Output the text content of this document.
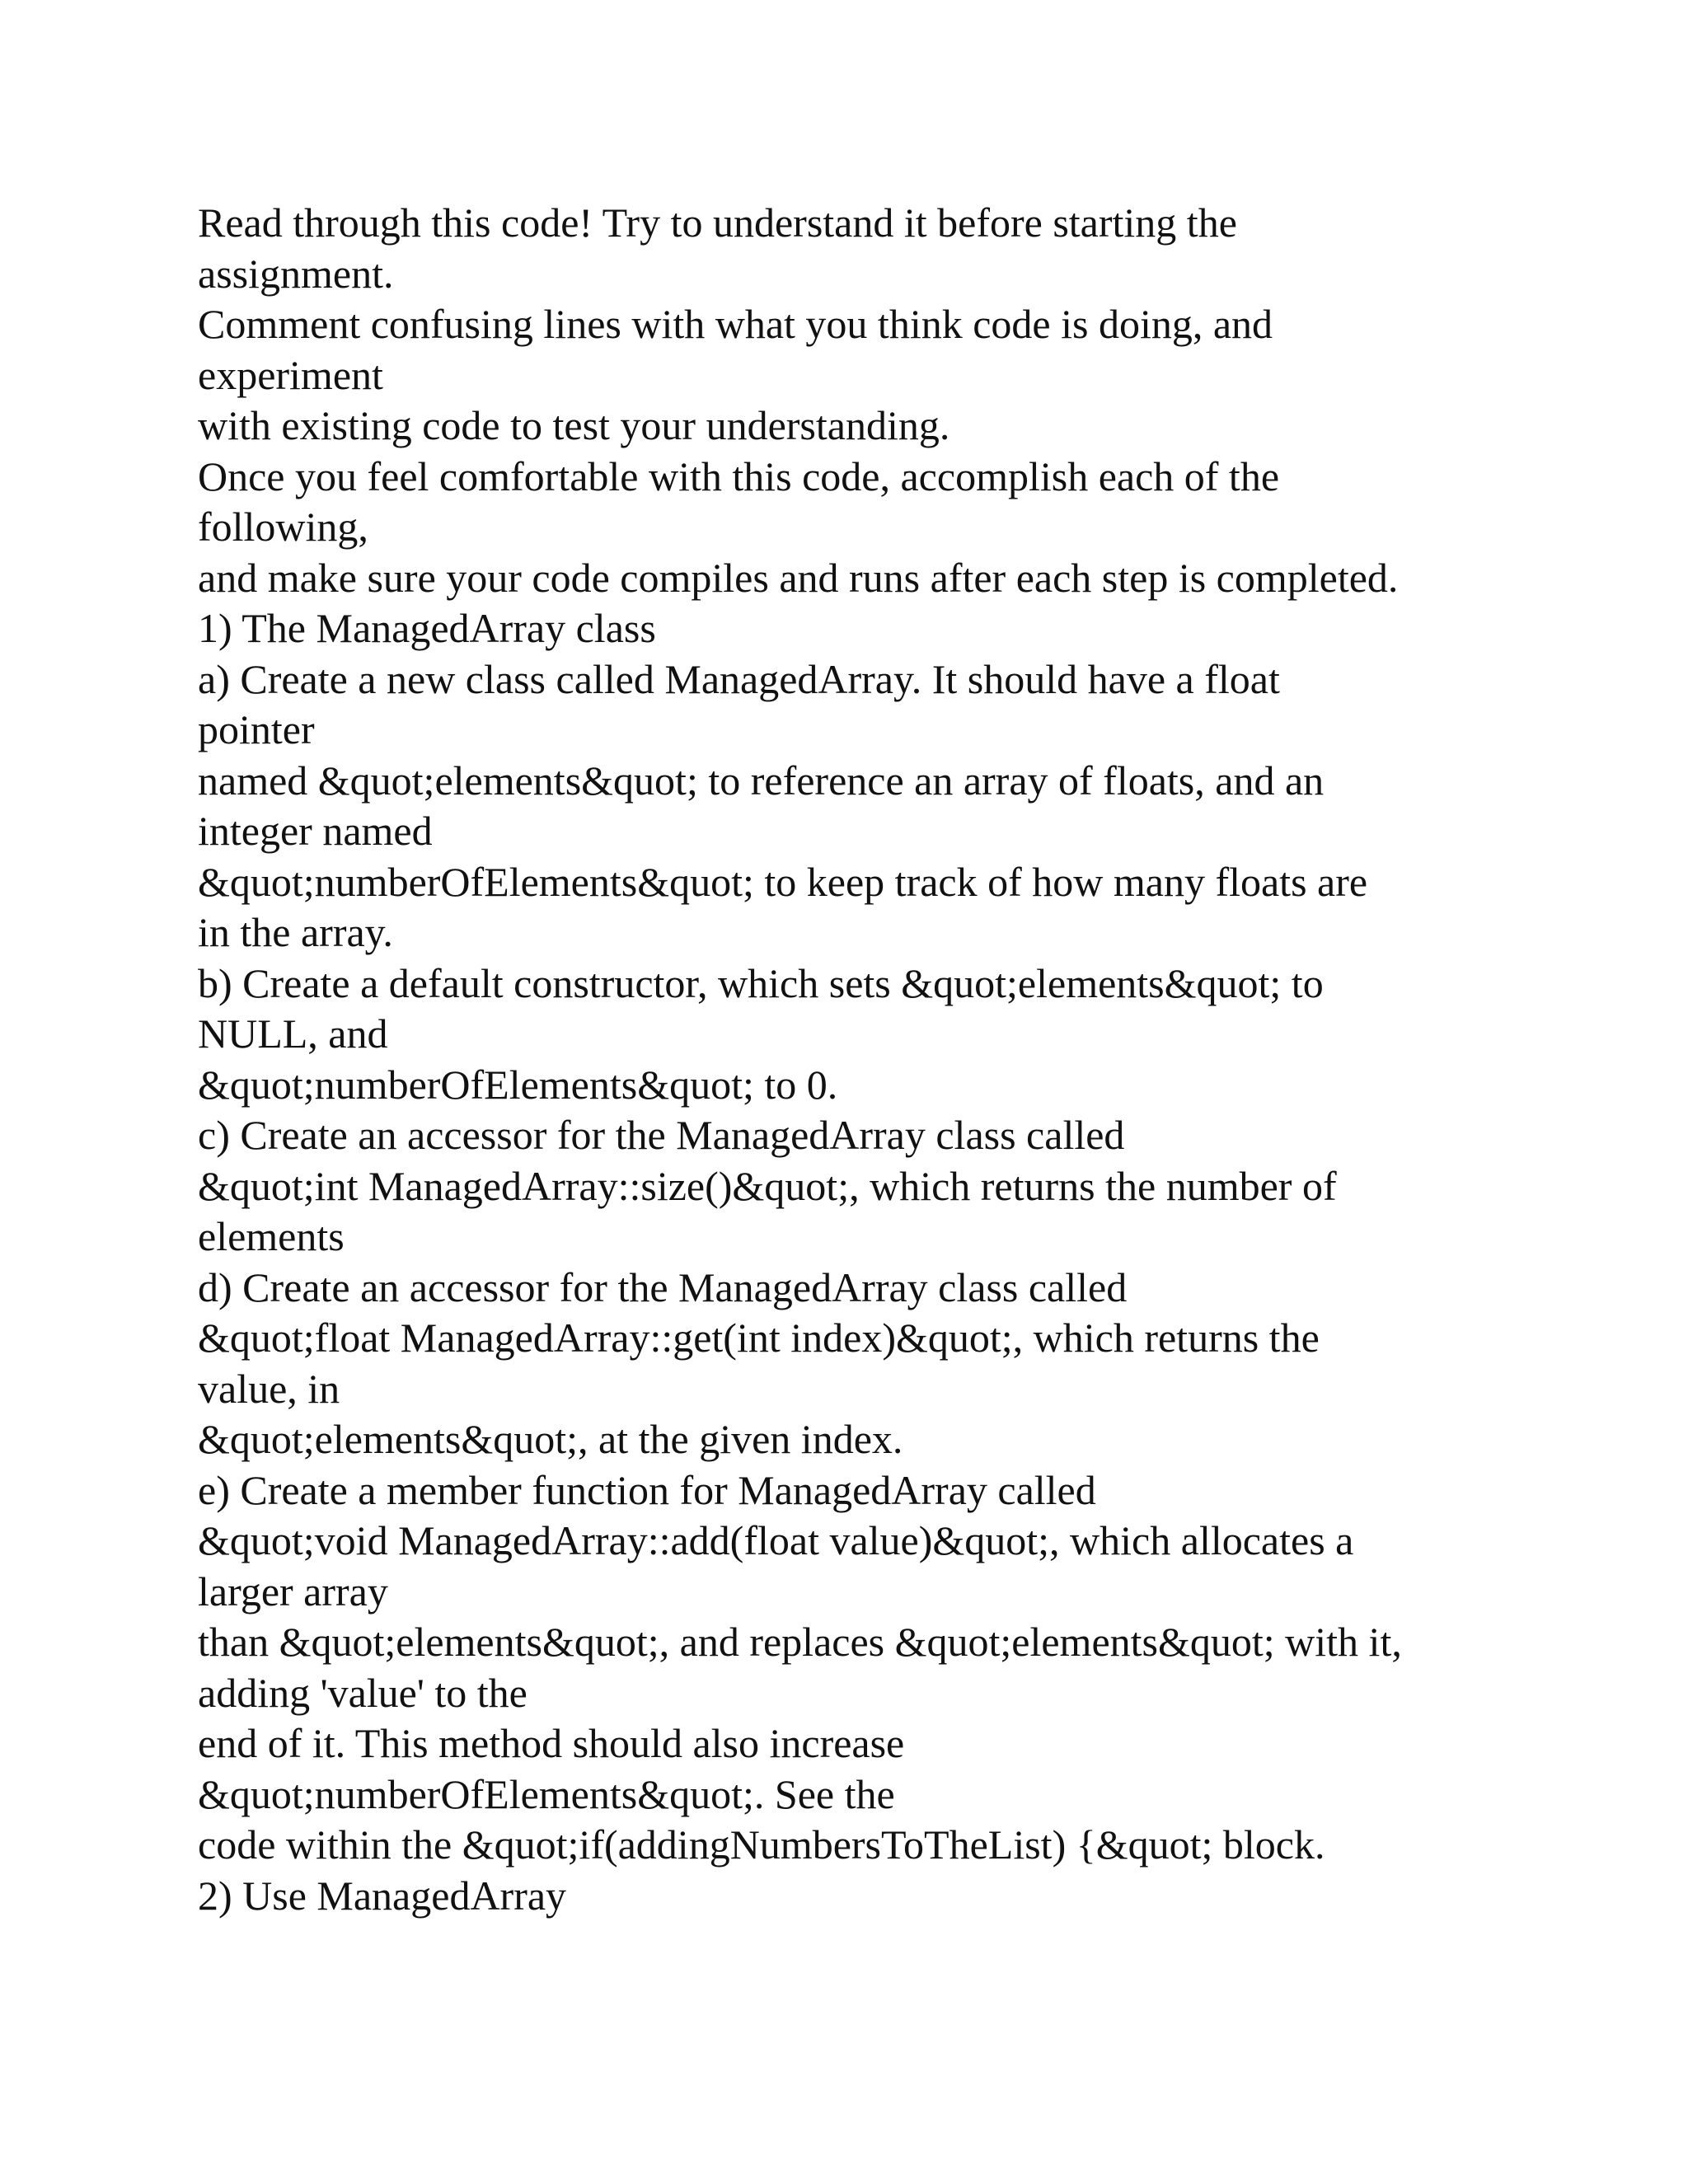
Read through this code! Try to understand it before starting the
assignment.
Comment confusing lines with what you think code is doing, and
experiment
with existing code to test your understanding.
Once you feel comfortable with this code, accomplish each of the
following,
and make sure your code compiles and runs after each step is completed.
1) The ManagedArray class
a) Create a new class called ManagedArray. It should have a float
pointer
named &quot;elements&quot; to reference an array of floats, and an
integer named
&quot;numberOfElements&quot; to keep track of how many floats are
in the array.
b) Create a default constructor, which sets &quot;elements&quot; to
NULL, and
&quot;numberOfElements&quot; to 0.
c) Create an accessor for the ManagedArray class called
&quot;int ManagedArray::size()&quot;, which returns the number of
elements
d) Create an accessor for the ManagedArray class called
&quot;float ManagedArray::get(int index)&quot;, which returns the
value, in
&quot;elements&quot;, at the given index.
e) Create a member function for ManagedArray called
&quot;void ManagedArray::add(float value)&quot;, which allocates a
larger array
than &quot;elements&quot;, and replaces &quot;elements&quot; with it,
adding 'value' to the
end of it. This method should also increase
&quot;numberOfElements&quot;. See the
code within the &quot;if(addingNumbersToTheList) {&quot; block.
2) Use ManagedArray
